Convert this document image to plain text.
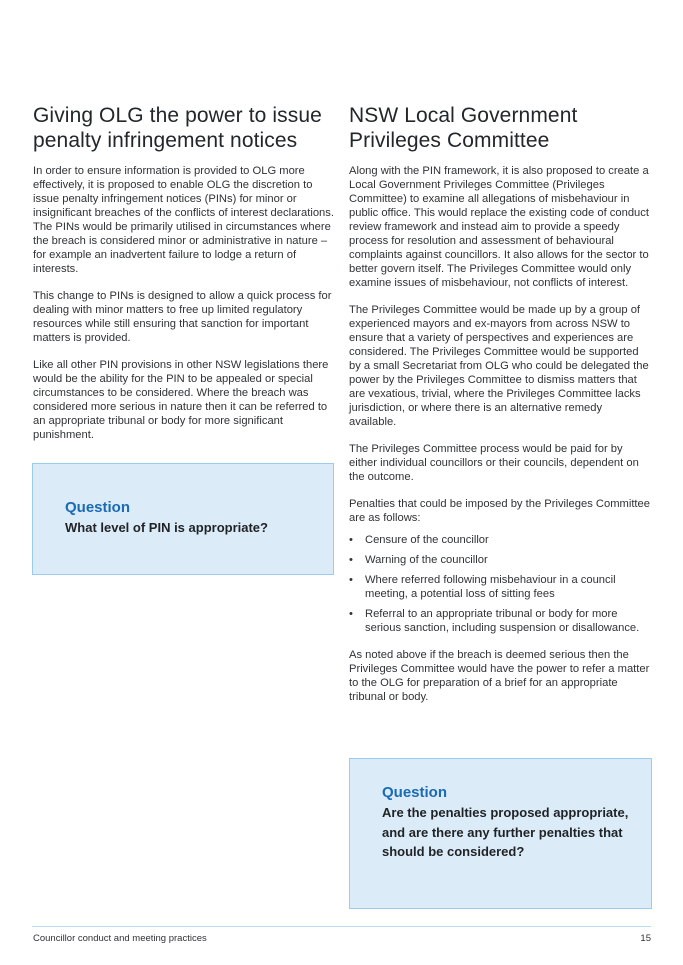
Giving OLG the power to issue penalty infringement notices

In order to ensure information is provided to OLG more effectively, it is proposed to enable OLG the discretion to issue penalty infringement notices (PINs) for minor or insignificant breaches of the conflicts of interest declarations. The PINs would be primarily utilised in circumstances where the breach is considered minor or administrative in nature – for example an inadvertent failure to lodge a return of interests.

This change to PINs is designed to allow a quick process for dealing with minor matters to free up limited regulatory resources while still ensuring that sanction for important matters is provided.

Like all other PIN provisions in other NSW legislations there would be the ability for the PIN to be appealed or special circumstances to be considered. Where the breach was considered more serious in nature then it can be referred to an appropriate tribunal or body for more significant punishment.

Question
What level of PIN is appropriate?
NSW Local Government Privileges Committee

Along with the PIN framework, it is also proposed to create a Local Government Privileges Committee (Privileges Committee) to examine all allegations of misbehaviour in public office. This would replace the existing code of conduct review framework and instead aim to provide a speedy process for resolution and assessment of behavioural complaints against councillors. It also allows for the sector to better govern itself. The Privileges Committee would only examine issues of misbehaviour, not conflicts of interest.

The Privileges Committee would be made up by a group of experienced mayors and ex-mayors from across NSW to ensure that a variety of perspectives and experiences are considered. The Privileges Committee would be supported by a small Secretariat from OLG who could be delegated the power by the Privileges Committee to dismiss matters that are vexatious, trivial, where the Privileges Committee lacks jurisdiction, or where there is an alternative remedy available.

The Privileges Committee process would be paid for by either individual councillors or their councils, dependent on the outcome.

Penalties that could be imposed by the Privileges Committee are as follows:

• Censure of the councillor
• Warning of the councillor
• Where referred following misbehaviour in a council meeting, a potential loss of sitting fees
• Referral to an appropriate tribunal or body for more serious sanction, including suspension or disallowance.

As noted above if the breach is deemed serious then the Privileges Committee would have the power to refer a matter to the OLG for preparation of a brief for an appropriate tribunal or body.

Question
Are the penalties proposed appropriate, and are there any further penalties that should be considered?
Councillor conduct and meeting practices	15
